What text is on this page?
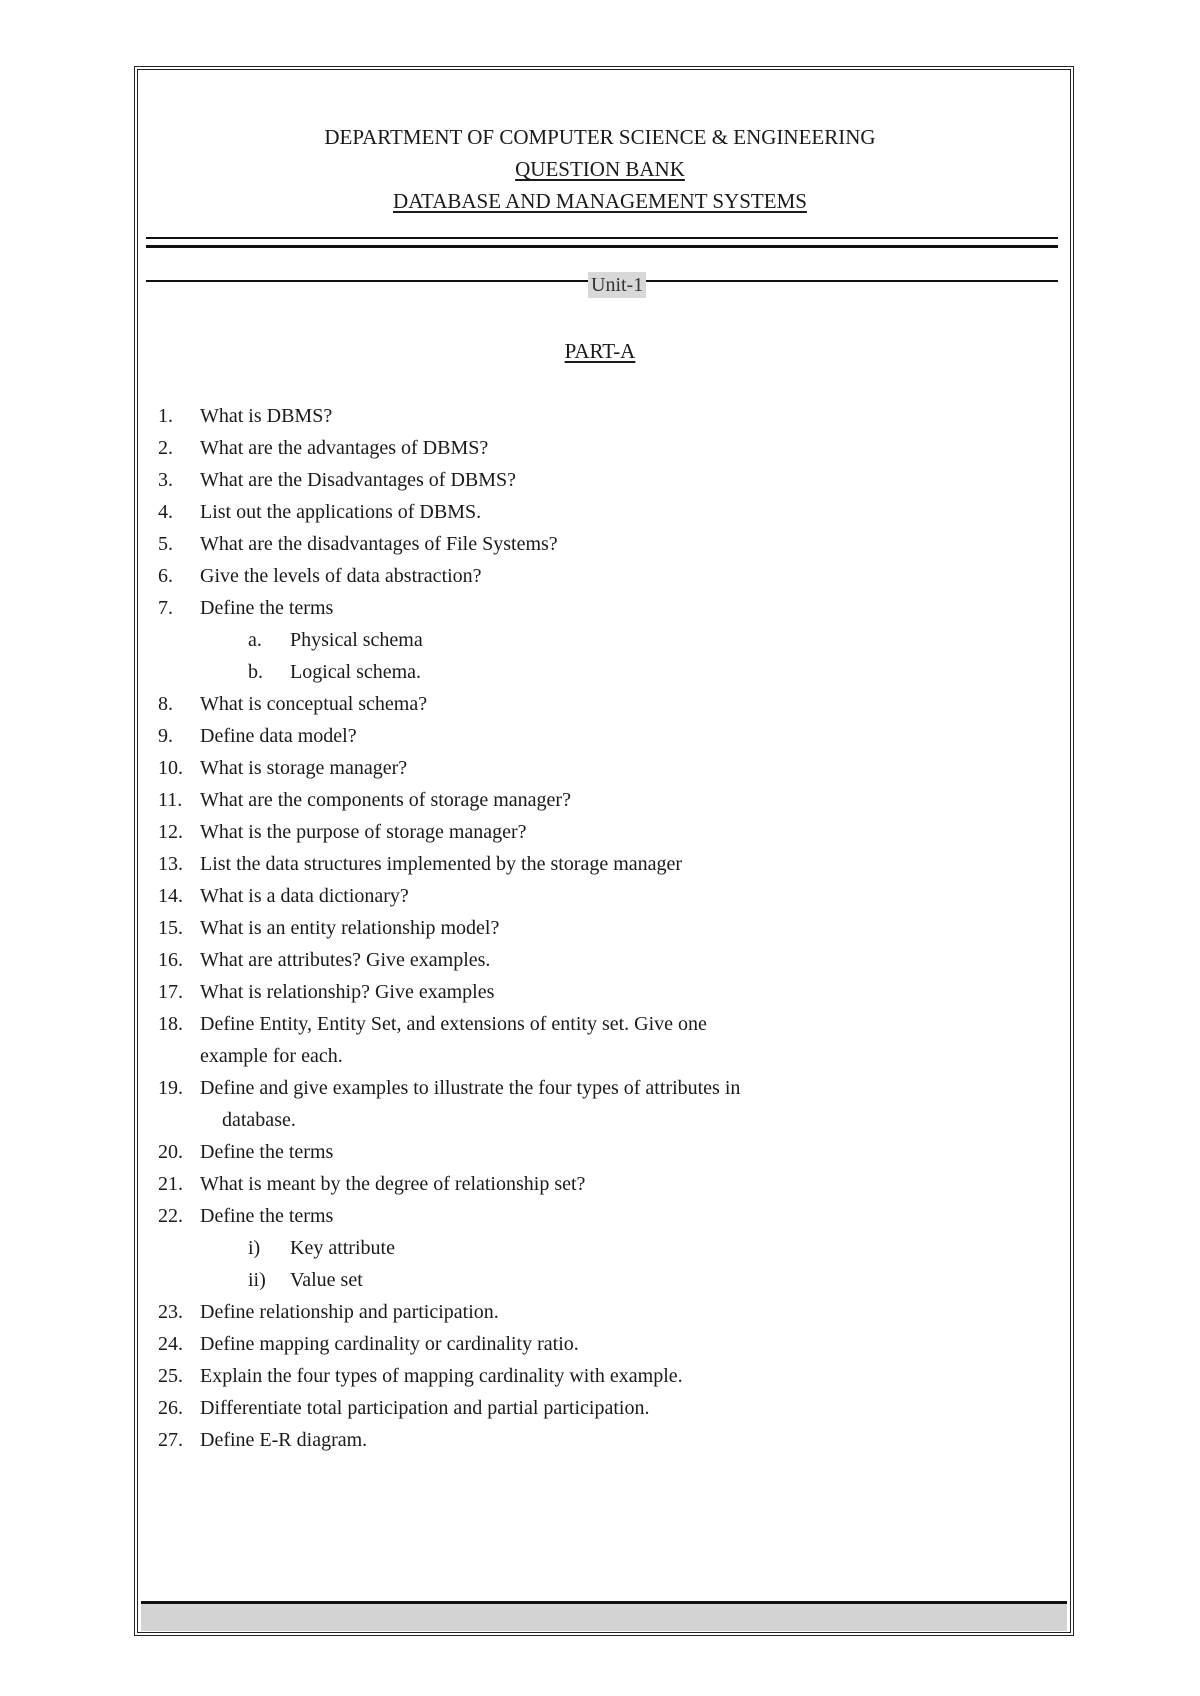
DEPARTMENT OF COMPUTER SCIENCE & ENGINEERING
QUESTION BANK
DATABASE AND MANAGEMENT SYSTEMS
Unit-1
PART-A
1. What is DBMS?
2. What are the advantages of DBMS?
3. What are the Disadvantages of DBMS?
4. List out the applications of DBMS.
5. What are the disadvantages of File Systems?
6. Give the levels of data abstraction?
7. Define the terms
a. Physical schema
b. Logical schema.
8. What is conceptual schema?
9. Define data model?
10. What is storage manager?
11. What are the components of storage manager?
12. What is the purpose of storage manager?
13. List the data structures implemented by the storage manager
14. What is a data dictionary?
15. What is an entity relationship model?
16. What are attributes? Give examples.
17. What is relationship? Give examples
18. Define Entity, Entity Set, and extensions of entity set. Give one
example for each.
19. Define and give examples to illustrate the four types of attributes in
database.
20. Define the terms
21. What is meant by the degree of relationship set?
22. Define the terms
i) Key attribute
ii) Value set
23. Define relationship and participation.
24. Define mapping cardinality or cardinality ratio.
25. Explain the four types of mapping cardinality with example.
26. Differentiate total participation and partial participation.
27. Define E-R diagram.
